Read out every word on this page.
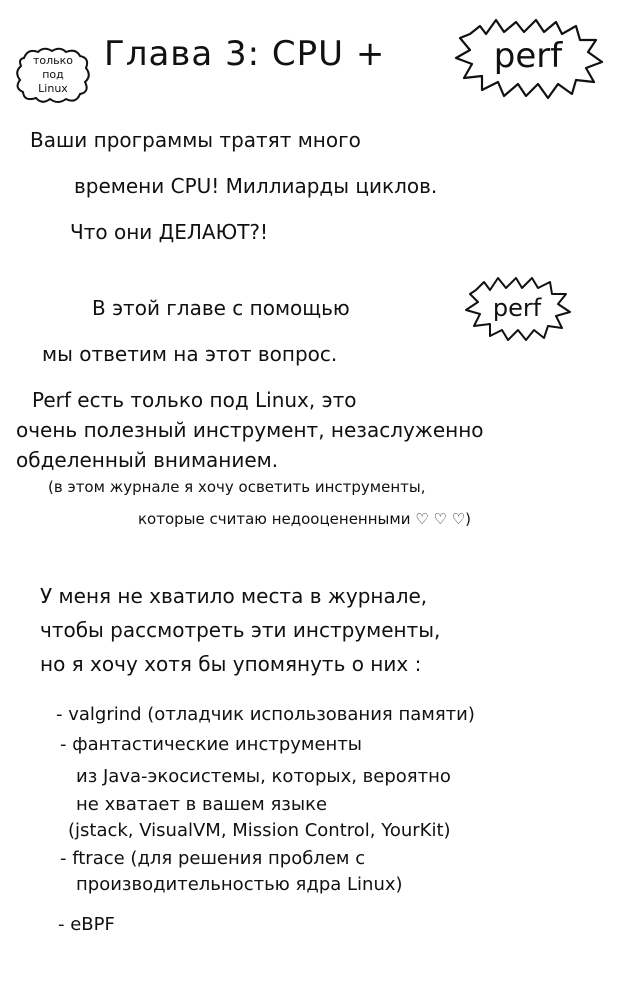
только
под
Linux
Глава 3: CPU +	perf
Ваши программы тратят много
времени CPU! Миллиарды циклов.
Что они ДЕЛАЮТ?!
В этой главе с помощью	perf
мы ответим на этот вопрос.
Perf есть только под Linux, это
очень полезный инструмент, незаслуженно
обделенный вниманием.
(в этом журнале я хочу осветить инструменты,
которые считаю недооцененными ♡ ♡ ♡)
У меня не хватило места в журнале,
чтобы рассмотреть эти инструменты,
но я хочу хотя бы упомянуть о них :
- valgrind (отладчик использования памяти)
- фантастические инструменты
из Java-экосистемы, которых, вероятно
не хватает в вашем языке
(jstack, VisualVM, Mission Control, YourKit)
- ftrace (для решения проблем с
производительностью ядра Linux)
- eBPF
